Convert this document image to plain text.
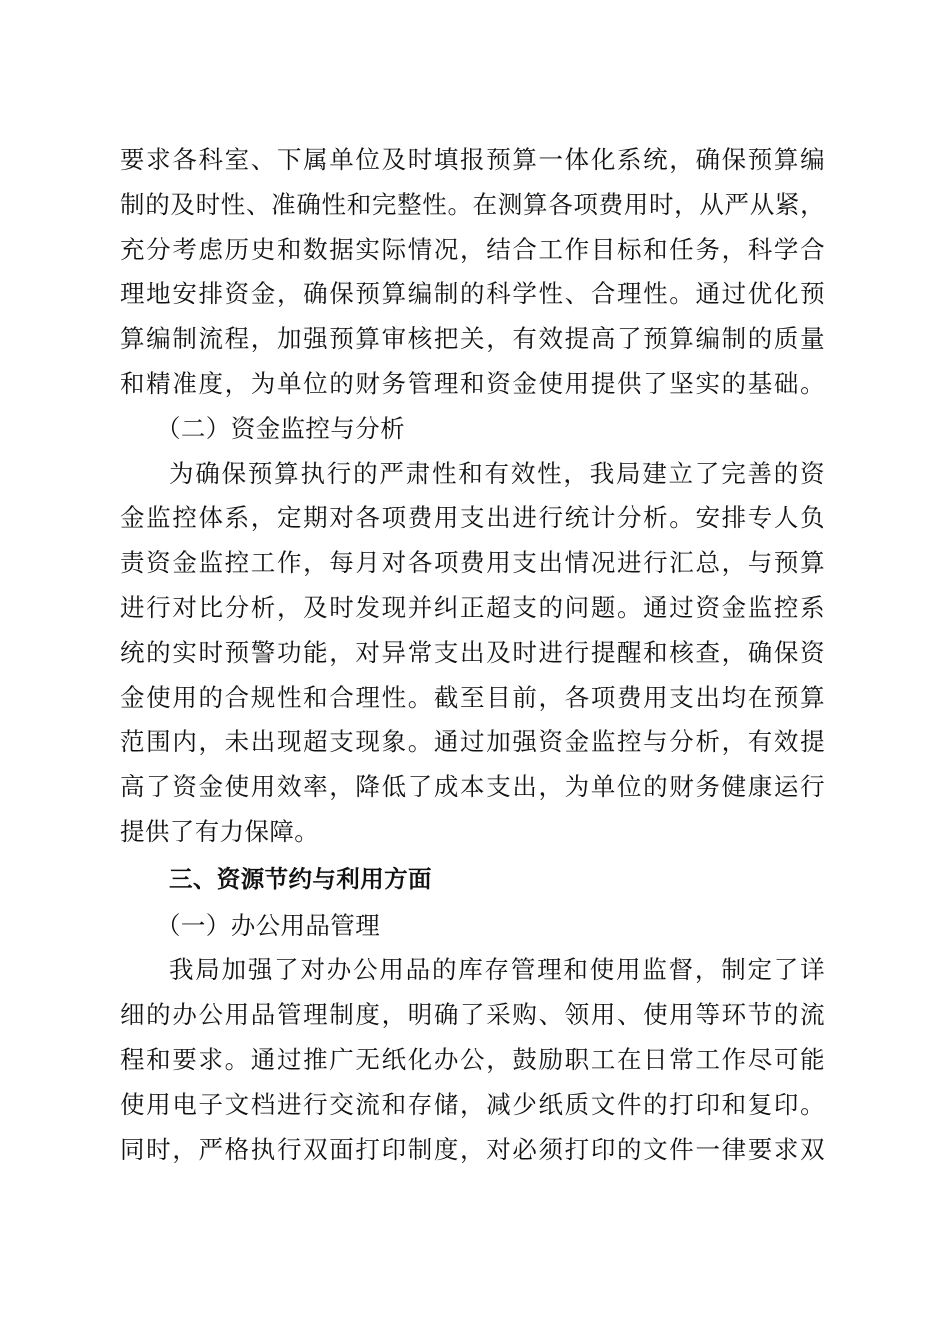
要求各科室、下属单位及时填报预算一体化系统，确保预算编
制的及时性、准确性和完整性。在测算各项费用时，从严从紧，
充分考虑历史和数据实际情况，结合工作目标和任务，科学合
理地安排资金，确保预算编制的科学性、合理性。通过优化预
算编制流程，加强预算审核把关，有效提高了预算编制的质量
和精准度，为单位的财务管理和资金使用提供了坚实的基础。
（二）资金监控与分析
为确保预算执行的严肃性和有效性，我局建立了完善的资
金监控体系，定期对各项费用支出进行统计分析。安排专人负
责资金监控工作，每月对各项费用支出情况进行汇总，与预算
进行对比分析，及时发现并纠正超支的问题。通过资金监控系
统的实时预警功能，对异常支出及时进行提醒和核查，确保资
金使用的合规性和合理性。截至目前，各项费用支出均在预算
范围内，未出现超支现象。通过加强资金监控与分析，有效提
高了资金使用效率，降低了成本支出，为单位的财务健康运行
提供了有力保障。
三、资源节约与利用方面
（一）办公用品管理
我局加强了对办公用品的库存管理和使用监督，制定了详
细的办公用品管理制度，明确了采购、领用、使用等环节的流
程和要求。通过推广无纸化办公，鼓励职工在日常工作尽可能
使用电子文档进行交流和存储，减少纸质文件的打印和复印。
同时，严格执行双面打印制度，对必须打印的文件一律要求双
